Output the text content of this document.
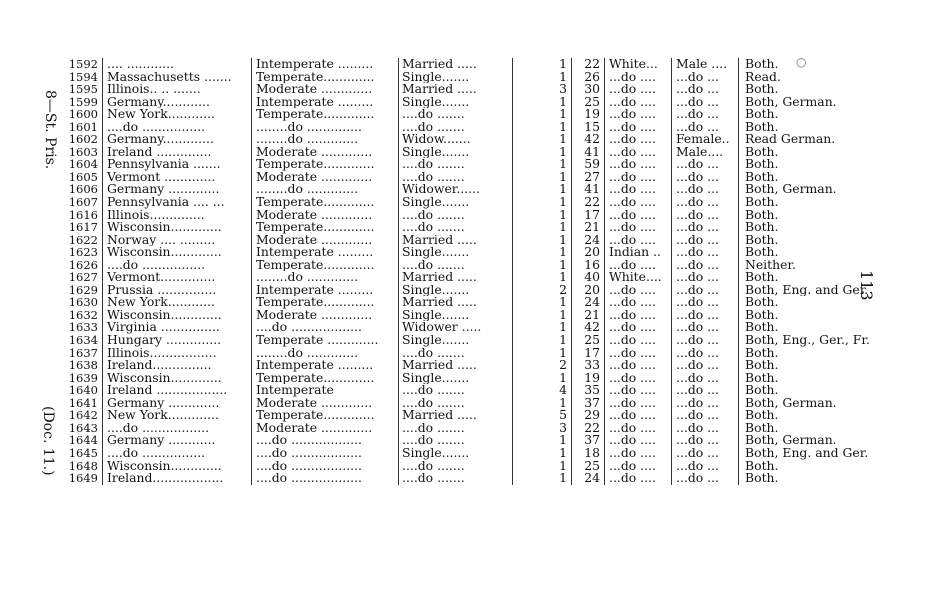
8—St. Pris.
(Doc. 11.)
113
○
1592	.... ............	Intemperate .........	Married .....		1	22	White...	Male ....	Both.
1594	Massachusetts .......	Temperate.............	Single.......		1	26	...do ....	...do ...	Read.
1595	Illinois.. .. .......	Moderate .............	Married .....		3	30	...do ....	...do ...	Both.
1599	Germany............	Intemperate .........	Single.......		1	25	...do ....	...do ...	Both, German.
1600	New York............	Temperate.............	....do .......		1	19	...do ....	...do ...	Both.
1601	....do ................	........do ..............	....do .......		1	15	...do ....	...do ...	Both.
1602	Germany.............	........do .............	Widow.......		1	42	...do ....	Female..	Read German.
1603	Ireland ..............	Moderate .............	Single.......		1	41	...do ....	Male....	Both.
1604	Pennsylvania .......	Temperate.............	....do .......		1	59	...do ....	...do ...	Both.
1605	Vermont .............	Moderate .............	....do .......		1	27	...do ....	...do ...	Both.
1606	Germany .............	........do .............	Widower......		1	41	...do ....	...do ...	Both, German.
1607	Pennsylvania .... ...	Temperate.............	Single.......		1	22	...do ....	...do ...	Both.
1616	Illinois..............	Moderate .............	....do .......		1	17	...do ....	...do ...	Both.
1617	Wisconsin.............	Temperate.............	....do .......		1	21	...do ....	...do ...	Both.
1622	Norway .... .........	Moderate .............	Married .....		1	24	...do ....	...do ...	Both.
1623	Wisconsin.............	Intemperate .........	Single.......		1	20	Indian ..	...do ...	Both.
1626	....do ................	Temperate.............	....do .......		1	16	...do ....	...do ...	Neither.
1627	Vermont..............	........do .............	Married .....		1	40	White....	...do ...	Both.
1629	Prussia ...............	Intemperate .........	Single.......		2	20	...do ....	...do ...	Both, Eng. and Ger.
1630	New York............	Temperate.............	Married .....		1	24	...do ....	...do ...	Both.
1632	Wisconsin.............	Moderate .............	Single.......		1	21	...do ....	...do ...	Both.
1633	Virginia ...............	....do ..................	Widower .....		1	42	...do ....	...do ...	Both.
1634	Hungary ..............	Temperate .............	Single.......		1	25	...do ....	...do ...	Both, Eng., Ger., Fr.
1637	Illinois.................	........do .............	....do .......		1	17	...do ....	...do ...	Both.
1638	Ireland...............	Intemperate .........	Married .....		2	33	...do ....	...do ...	Both.
1639	Wisconsin.............	Temperate.............	Single.......		1	19	...do ....	...do ...	Both.
1640	Ireland ..................	Intemperate	....do .......		4	35	...do ....	...do ...	Both.
1641	Germany .............	Moderate .............	....do .......		1	37	...do ....	...do ...	Both, German.
1642	New York.............	Temperate.............	Married .....		5	29	...do ....	...do ...	Both.
1643	....do .................	Moderate .............	....do .......		3	22	...do ....	...do ...	Both.
1644	Germany ............	....do ..................	....do .......		1	37	...do ....	...do ...	Both, German.
1645	....do ................	....do ..................	Single.......		1	18	...do ....	...do ...	Both, Eng. and Ger.
1648	Wisconsin.............	....do ..................	....do .......		1	25	...do ....	...do ...	Both.
1649	Ireland..................	....do ..................	....do .......		1	24	...do ....	...do ...	Both.
